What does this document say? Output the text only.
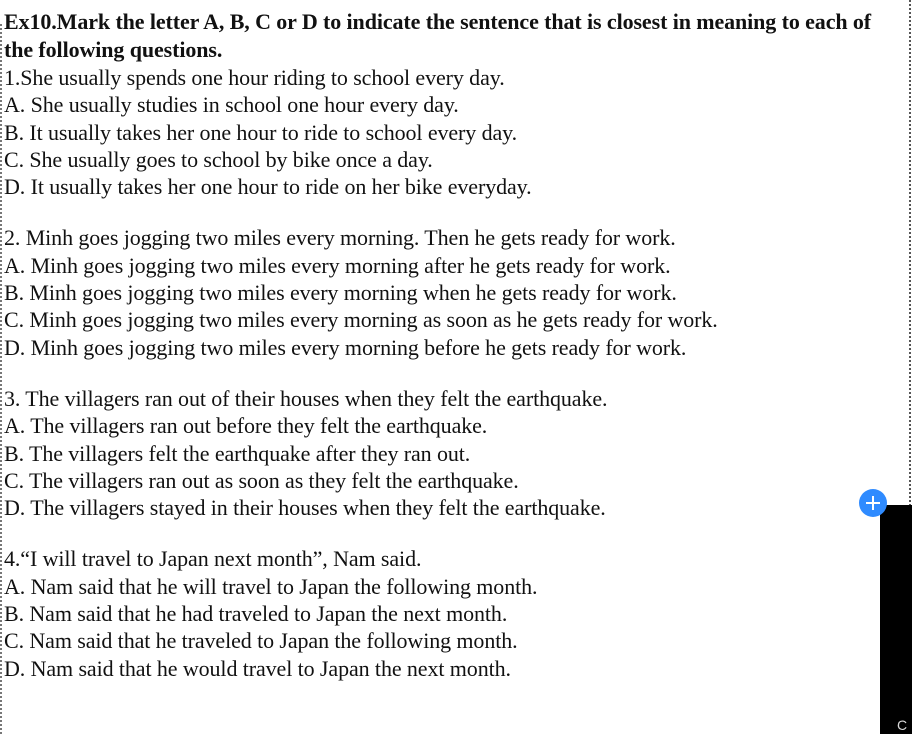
Ex10.Mark the letter A, B, C or D to indicate the sentence that is closest in meaning to each of the following questions.
1.She usually spends one hour riding to school every day.
A. She usually studies in school one hour every day.
B. It usually takes her one hour to ride to school every day.
C. She usually goes to school by bike once a day.
D. It usually takes her one hour to ride on her bike everyday.
2. Minh goes jogging two miles every morning. Then he gets ready for work.
A. Minh goes jogging two miles every morning after he gets ready for work.
B. Minh goes jogging two miles every morning when he gets ready for work.
C. Minh goes jogging two miles every morning as soon as he gets ready for work.
D. Minh goes jogging two miles every morning before he gets ready for work.
3. The villagers ran out of their houses when they felt the earthquake.
A. The villagers ran out before they felt the earthquake.
B. The villagers felt the earthquake after they ran out.
C. The villagers ran out as soon as they felt the earthquake.
D. The villagers stayed in their houses when they felt the earthquake.
4.“I will travel to Japan next month”, Nam said.
A. Nam said that he will travel to Japan the following month.
B. Nam said that he had traveled to Japan the next month.
C. Nam said that he traveled to Japan the following month.
D. Nam said that he would travel to Japan the next month.
C
